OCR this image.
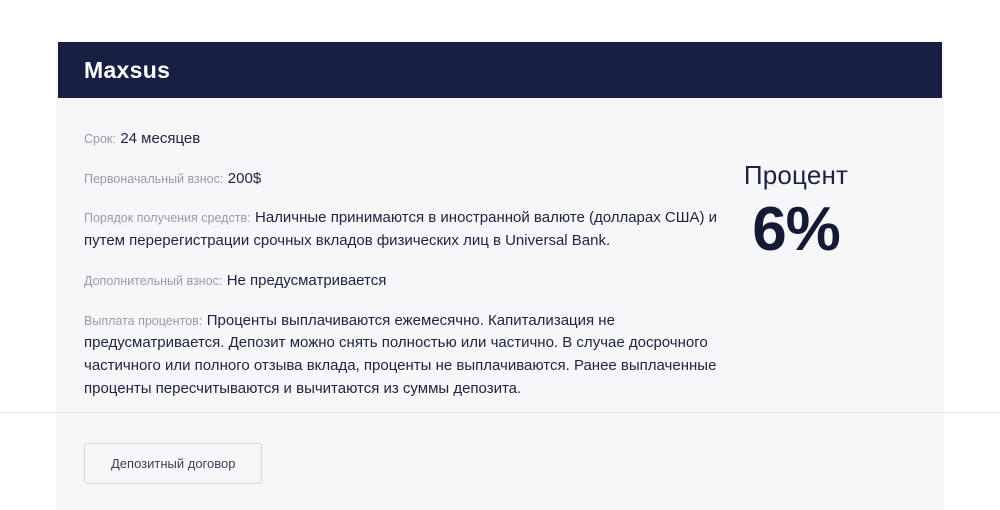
Maxsus
Срок: 24 месяцев
Первоначальный взнос: 200$
Порядок получения средств: Наличные принимаются в иностранной валюте (долларах США) и путем перерегистрации срочных вкладов физических лиц в Universal Bank.
Дополнительный взнос: Не предусматривается
Выплата процентов: Проценты выплачиваются ежемесячно. Капитализация не предусматривается. Депозит можно снять полностью или частично. В случае досрочного частичного или полного отзыва вклада, проценты не выплачиваются. Ранее выплаченные проценты пересчитываются и вычитаются из суммы депозита.
Депозитный договор
Процент
6%
